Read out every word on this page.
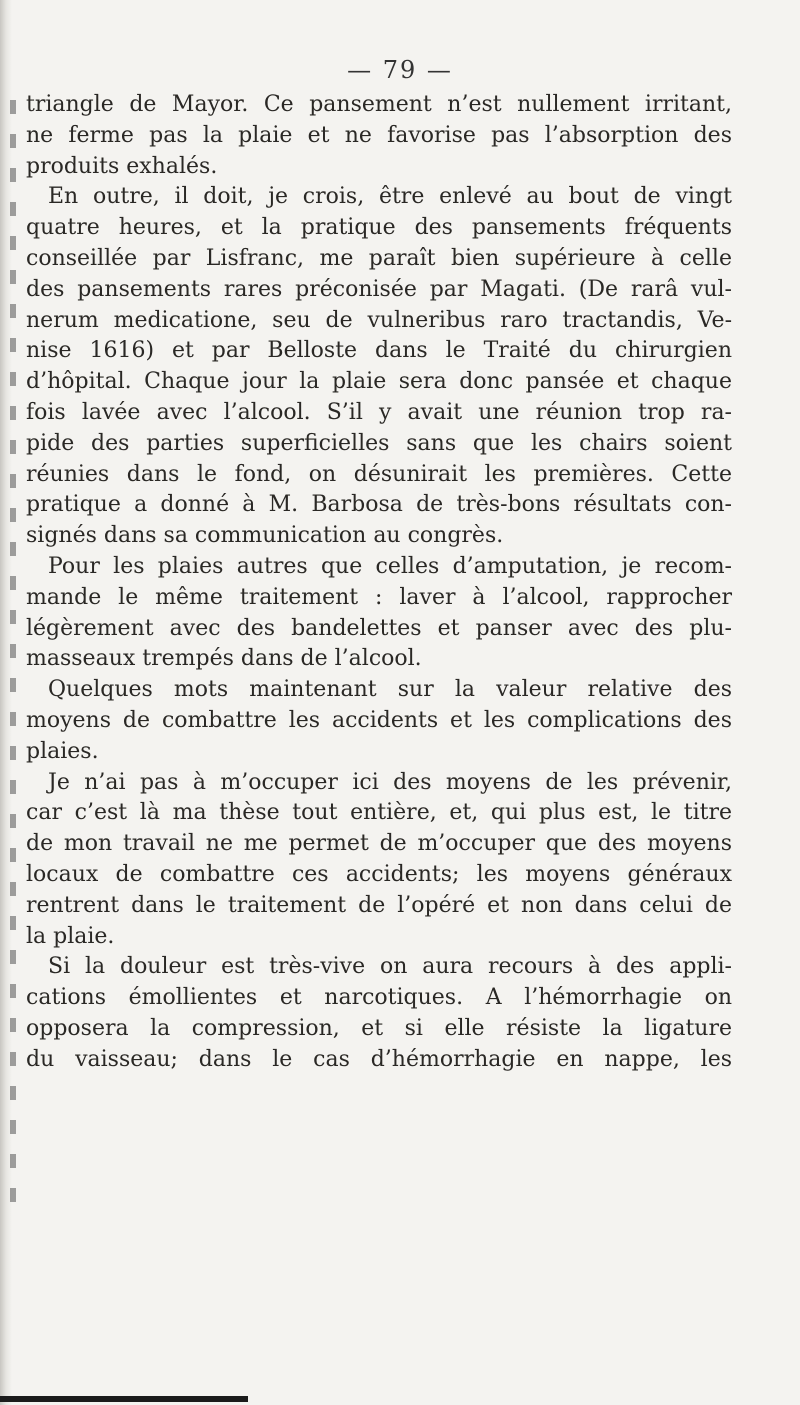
— 79 —
triangle de Mayor. Ce pansement n’est nullement irritant,
ne ferme pas la plaie et ne favorise pas l’absorption des
produits exhalés.
En outre, il doit, je crois, être enlevé au bout de vingt
quatre heures, et la pratique des pansements fréquents
conseillée par Lisfranc, me paraît bien supérieure à celle
des pansements rares préconisée par Magati. (De rarâ vul-
nerum medicatione, seu de vulneribus raro tractandis, Ve-
nise 1616) et par Belloste dans le Traité du chirurgien
d’hôpital. Chaque jour la plaie sera donc pansée et chaque
fois lavée avec l’alcool. S’il y avait une réunion trop ra-
pide des parties superficielles sans que les chairs soient
réunies dans le fond, on désunirait les premières. Cette
pratique a donné à M. Barbosa de très-bons résultats con-
signés dans sa communication au congrès.
Pour les plaies autres que celles d’amputation, je recom-
mande le même traitement : laver à l’alcool, rapprocher
légèrement avec des bandelettes et panser avec des plu-
masseaux trempés dans de l’alcool.
Quelques mots maintenant sur la valeur relative des
moyens de combattre les accidents et les complications des
plaies.
Je n’ai pas à m’occuper ici des moyens de les prévenir,
car c’est là ma thèse tout entière, et, qui plus est, le titre
de mon travail ne me permet de m’occuper que des moyens
locaux de combattre ces accidents; les moyens généraux
rentrent dans le traitement de l’opéré et non dans celui de
la plaie.
Si la douleur est très-vive on aura recours à des appli-
cations émollientes et narcotiques. A l’hémorrhagie on
opposera la compression, et si elle résiste la ligature
du vaisseau; dans le cas d’hémorrhagie en nappe, les
